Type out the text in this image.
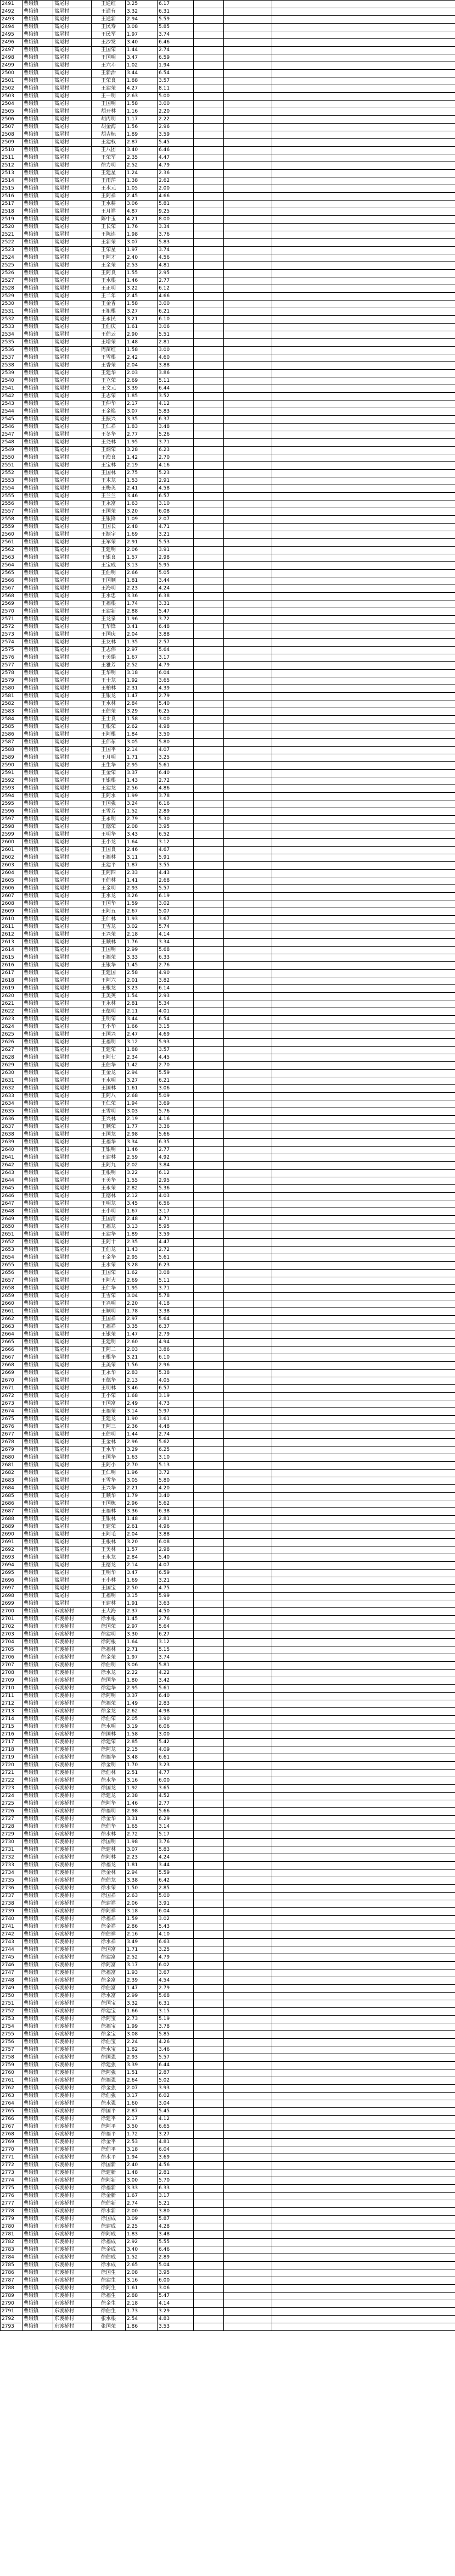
2491	曹娥镇	蒿尾村	王通红	3.25	6.17			
2492	曹娥镇	蒿尾村	王通有	3.32	6.31			
2493	曹娥镇	蒿尾村	王通新	2.94	5.59			
2494	曹娥镇	蒿尾村	王民寿	3.08	5.85			
2495	曹娥镇	蒿尾村	王民军	1.97	3.74			
2496	曹娥镇	蒿尾村	王沙发	3.40	6.46			
2497	曹娥镇	蒿尾村	王国荣	1.44	2.74			
2498	曹娥镇	蒿尾村	王国明	3.47	6.59			
2499	曹娥镇	蒿尾村	王六斗	1.02	1.94			
2500	曹娥镇	蒿尾村	王新治	3.44	6.54			
2501	曹娥镇	蒿尾村	王荣良	1.88	3.57			
2502	曹娥镇	蒿尾村	王建荣	4.27	8.11			
2503	曹娥镇	蒿尾村	王一明	2.63	5.00			
2504	曹娥镇	蒿尾村	王国明	1.58	3.00			
2505	曹娥镇	蒿尾村	胡开林	1.16	2.20			
2506	曹娥镇	蒿尾村	胡丙明	1.17	2.22			
2507	曹娥镇	蒿尾村	胡金海	1.56	2.96			
2508	曹娥镇	蒿尾村	胡吉标	1.89	3.59			
2509	曹娥镇	蒿尾村	王建权	2.87	5.45			
2510	曹娥镇	蒿尾村	王八团	3.40	6.46			
2511	曹娥镇	蒿尾村	王荣军	2.35	4.47			
2512	曹娥镇	蒿尾村	徐力明	2.52	4.79			
2513	曹娥镇	蒿尾村	王建星	1.24	2.36			
2514	曹娥镇	蒿尾村	王雨萍	1.38	2.62			
2515	曹娥镇	蒿尾村	王水元	1.05	2.00			
2516	曹娥镇	蒿尾村	王阿祥	2.45	4.66			
2517	曹娥镇	蒿尾村	王水耕	3.06	5.81			
2518	曹娥镇	蒿尾村	王月祥	4.87	9.25			
2519	曹娥镇	蒿尾村	陈中玉	4.21	8.00			
2520	曹娥镇	蒿尾村	王长荣	1.76	3.34			
2521	曹娥镇	蒿尾村	王陈连	1.98	3.76			
2522	曹娥镇	蒿尾村	王新荣	3.07	5.83			
2523	曹娥镇	蒿尾村	王荣星	1.97	3.74			
2524	曹娥镇	蒿尾村	王阿才	2.40	4.56			
2525	曹娥镇	蒿尾村	王全荣	2.53	4.81			
2526	曹娥镇	蒿尾村	王阿良	1.55	2.95			
2527	曹娥镇	蒿尾村	王水根	1.46	2.77			
2528	曹娥镇	蒿尾村	王正明	3.22	6.12			
2529	曹娥镇	蒿尾村	王二年	2.45	4.66			
2530	曹娥镇	蒿尾村	王金香	1.58	3.00			
2531	曹娥镇	蒿尾村	王祖根	3.27	6.21			
2532	曹娥镇	蒿尾村	王永民	3.21	6.10			
2533	曹娥镇	蒿尾村	王伯庆	1.61	3.06			
2534	曹娥镇	蒿尾村	王伯云	2.90	5.51			
2535	曹娥镇	蒿尾村	王增荣	1.48	2.81			
2536	曹娥镇	蒿尾村	周苗红	1.58	3.00			
2537	曹娥镇	蒿尾村	王雪根	2.42	4.60			
2538	曹娥镇	蒿尾村	王香荣	2.04	3.88			
2539	曹娥镇	蒿尾村	王建华	2.03	3.86			
2540	曹娥镇	蒿尾村	王立荣	2.69	5.11			
2541	曹娥镇	蒿尾村	王文元	3.39	6.44			
2542	曹娥镇	蒿尾村	王志荣	1.85	3.52			
2543	曹娥镇	蒿尾村	王仲华	2.17	4.12			
2544	曹娥镇	蒿尾村	王金焕	3.07	5.83			
2545	曹娥镇	蒿尾村	王振兴	3.35	6.37			
2546	曹娥镇	蒿尾村	王仁祥	1.83	3.48			
2547	曹娥镇	蒿尾村	王冬华	2.77	5.26			
2548	曹娥镇	蒿尾村	王尧林	1.95	3.71			
2549	曹娥镇	蒿尾村	王炳荣	3.28	6.23			
2550	曹娥镇	蒿尾村	王海良	1.42	2.70			
2551	曹娥镇	蒿尾村	王宝林	2.19	4.16			
2552	曹娥镇	蒿尾村	王国林	2.75	5.23			
2553	曹娥镇	蒿尾村	王木龙	1.53	2.91			
2554	曹娥镇	蒿尾村	王梅英	2.41	4.58			
2555	曹娥镇	蒿尾村	王兰兰	3.46	6.57			
2556	曹娥镇	蒿尾村	王永富	1.63	3.10			
2557	曹娥镇	蒿尾村	王国荣	3.20	6.08			
2558	曹娥镇	蒿尾村	王银锋	1.09	2.07			
2559	曹娥镇	蒿尾村	王国长	2.48	4.71			
2560	曹娥镇	蒿尾村	王振宇	1.69	3.21			
2561	曹娥镇	蒿尾村	王军荣	2.91	5.53			
2562	曹娥镇	蒿尾村	王建明	2.06	3.91			
2563	曹娥镇	蒿尾村	王银良	1.57	2.98			
2564	曹娥镇	蒿尾村	王宝成	3.13	5.95			
2565	曹娥镇	蒿尾村	王伯明	2.66	5.05			
2566	曹娥镇	蒿尾村	王国顺	1.81	3.44			
2567	曹娥镇	蒿尾村	王海明	2.23	4.24			
2568	曹娥镇	蒿尾村	王水忠	3.36	6.38			
2569	曹娥镇	蒿尾村	王福根	1.74	3.31			
2570	曹娥镇	蒿尾村	王建新	2.88	5.47			
2571	曹娥镇	蒿尾村	王龙泉	1.96	3.72			
2572	曹娥镇	蒿尾村	王华锋	3.41	6.48			
2573	曹娥镇	蒿尾村	王国庆	2.04	3.88			
2574	曹娥镇	蒿尾村	王友林	1.35	2.57			
2575	曹娥镇	蒿尾村	王志伟	2.97	5.64			
2576	曹娥镇	蒿尾村	王美娟	1.67	3.17			
2577	曹娥镇	蒿尾村	王雅芳	2.52	4.79			
2578	曹娥镇	蒿尾村	王华明	3.18	6.04			
2579	曹娥镇	蒿尾村	王士龙	1.92	3.65			
2580	曹娥镇	蒿尾村	王柏林	2.31	4.39			
2581	曹娥镇	蒿尾村	王银龙	1.47	2.79			
2582	曹娥镇	蒿尾村	王水林	2.84	5.40			
2583	曹娥镇	蒿尾村	王伯荣	3.29	6.25			
2584	曹娥镇	蒿尾村	王士良	1.58	3.00			
2585	曹娥镇	蒿尾村	王根荣	2.62	4.98			
2586	曹娥镇	蒿尾村	王阿根	1.84	3.50			
2587	曹娥镇	蒿尾村	王伟东	3.05	5.80			
2588	曹娥镇	蒿尾村	王国平	2.14	4.07			
2589	曹娥镇	蒿尾村	王月明	1.71	3.25			
2590	曹娥镇	蒿尾村	王生华	2.95	5.61			
2591	曹娥镇	蒿尾村	王金荣	3.37	6.40			
2592	曹娥镇	蒿尾村	王银根	1.43	2.72			
2593	曹娥镇	蒿尾村	王建龙	2.56	4.86			
2594	曹娥镇	蒿尾村	王阿水	1.99	3.78			
2595	曹娥镇	蒿尾村	王国强	3.24	6.16			
2596	曹娥镇	蒿尾村	王雪芳	1.52	2.89			
2597	曹娥镇	蒿尾村	王永明	2.79	5.30			
2598	曹娥镇	蒿尾村	王德荣	2.08	3.95			
2599	曹娥镇	蒿尾村	王明华	3.43	6.52			
2600	曹娥镇	蒿尾村	王小龙	1.64	3.12			
2601	曹娥镇	蒿尾村	王国良	2.46	4.67			
2602	曹娥镇	蒿尾村	王福林	3.11	5.91			
2603	曹娥镇	蒿尾村	王建平	1.87	3.55			
2604	曹娥镇	蒿尾村	王阿四	2.33	4.43			
2605	曹娥镇	蒿尾村	王伯林	1.41	2.68			
2606	曹娥镇	蒿尾村	王金明	2.93	5.57			
2607	曹娥镇	蒿尾村	王水龙	3.26	6.19			
2608	曹娥镇	蒿尾村	王国华	1.59	3.02			
2609	曹娥镇	蒿尾村	王阿五	2.67	5.07			
2610	曹娥镇	蒿尾村	王仁林	1.93	3.67			
2611	曹娥镇	蒿尾村	王雪龙	3.02	5.74			
2612	曹娥镇	蒿尾村	王兴荣	2.18	4.14			
2613	曹娥镇	蒿尾村	王顺林	1.76	3.34			
2614	曹娥镇	蒿尾村	王国明	2.99	5.68			
2615	曹娥镇	蒿尾村	王福荣	3.33	6.33			
2616	曹娥镇	蒿尾村	王银华	1.45	2.76			
2617	曹娥镇	蒿尾村	王建国	2.58	4.90			
2618	曹娥镇	蒿尾村	王阿六	2.01	3.82			
2619	曹娥镇	蒿尾村	王根龙	3.23	6.14			
2620	曹娥镇	蒿尾村	王美英	1.54	2.93			
2621	曹娥镇	蒿尾村	王永林	2.81	5.34			
2622	曹娥镇	蒿尾村	王德明	2.11	4.01			
2623	曹娥镇	蒿尾村	王明荣	3.44	6.54			
2624	曹娥镇	蒿尾村	王小华	1.66	3.15			
2625	曹娥镇	蒿尾村	王国兴	2.47	4.69			
2626	曹娥镇	蒿尾村	王福明	3.12	5.93			
2627	曹娥镇	蒿尾村	王建荣	1.88	3.57			
2628	曹娥镇	蒿尾村	王阿七	2.34	4.45			
2629	曹娥镇	蒿尾村	王伯华	1.42	2.70			
2630	曹娥镇	蒿尾村	王金龙	2.94	5.59			
2631	曹娥镇	蒿尾村	王水明	3.27	6.21			
2632	曹娥镇	蒿尾村	王国林	1.61	3.06			
2633	曹娥镇	蒿尾村	王阿八	2.68	5.09			
2634	曹娥镇	蒿尾村	王仁荣	1.94	3.69			
2635	曹娥镇	蒿尾村	王雪明	3.03	5.76			
2636	曹娥镇	蒿尾村	王兴林	2.19	4.16			
2637	曹娥镇	蒿尾村	王顺荣	1.77	3.36			
2638	曹娥镇	蒿尾村	王国龙	2.98	5.66			
2639	曹娥镇	蒿尾村	王福华	3.34	6.35			
2640	曹娥镇	蒿尾村	王银明	1.46	2.77			
2641	曹娥镇	蒿尾村	王建林	2.59	4.92			
2642	曹娥镇	蒿尾村	王阿九	2.02	3.84			
2643	曹娥镇	蒿尾村	王根明	3.22	6.12			
2644	曹娥镇	蒿尾村	王美华	1.55	2.95			
2645	曹娥镇	蒿尾村	王永荣	2.82	5.36			
2646	曹娥镇	蒿尾村	王德林	2.12	4.03			
2647	曹娥镇	蒿尾村	王明龙	3.45	6.56			
2648	曹娥镇	蒿尾村	王小明	1.67	3.17			
2649	曹娥镇	蒿尾村	王国清	2.48	4.71			
2650	曹娥镇	蒿尾村	王福龙	3.13	5.95			
2651	曹娥镇	蒿尾村	王建华	1.89	3.59			
2652	曹娥镇	蒿尾村	王阿十	2.35	4.47			
2653	曹娥镇	蒿尾村	王伯龙	1.43	2.72			
2654	曹娥镇	蒿尾村	王金华	2.95	5.61			
2655	曹娥镇	蒿尾村	王水荣	3.28	6.23			
2656	曹娥镇	蒿尾村	王国荣	1.62	3.08			
2657	曹娥镇	蒿尾村	王阿大	2.69	5.11			
2658	曹娥镇	蒿尾村	王仁华	1.95	3.71			
2659	曹娥镇	蒿尾村	王雪荣	3.04	5.78			
2660	曹娥镇	蒿尾村	王兴明	2.20	4.18			
2661	曹娥镇	蒿尾村	王顺明	1.78	3.38			
2662	曹娥镇	蒿尾村	王国祥	2.97	5.64			
2663	曹娥镇	蒿尾村	王福祥	3.35	6.37			
2664	曹娥镇	蒿尾村	王银荣	1.47	2.79			
2665	曹娥镇	蒿尾村	王建明	2.60	4.94			
2666	曹娥镇	蒿尾村	王阿二	2.03	3.86			
2667	曹娥镇	蒿尾村	王根华	3.21	6.10			
2668	曹娥镇	蒿尾村	王美荣	1.56	2.96			
2669	曹娥镇	蒿尾村	王永华	2.83	5.38			
2670	曹娥镇	蒿尾村	王德华	2.13	4.05			
2671	曹娥镇	蒿尾村	王明林	3.46	6.57			
2672	曹娥镇	蒿尾村	王小荣	1.68	3.19			
2673	曹娥镇	蒿尾村	王国富	2.49	4.73			
2674	曹娥镇	蒿尾村	王福荣	3.14	5.97			
2675	曹娥镇	蒿尾村	王建龙	1.90	3.61			
2676	曹娥镇	蒿尾村	王阿三	2.36	4.48			
2677	曹娥镇	蒿尾村	王伯明	1.44	2.74			
2678	曹娥镇	蒿尾村	王金林	2.96	5.62			
2679	曹娥镇	蒿尾村	王水华	3.29	6.25			
2680	曹娥镇	蒿尾村	王国华	1.63	3.10			
2681	曹娥镇	蒿尾村	王阿小	2.70	5.13			
2682	曹娥镇	蒿尾村	王仁明	1.96	3.72			
2683	曹娥镇	蒿尾村	王雪华	3.05	5.80			
2684	曹娥镇	蒿尾村	王兴华	2.21	4.20			
2685	曹娥镇	蒿尾村	王顺华	1.79	3.40			
2686	曹娥镇	蒿尾村	王国栋	2.96	5.62			
2687	曹娥镇	蒿尾村	王福林	3.36	6.38			
2688	曹娥镇	蒿尾村	王银林	1.48	2.81			
2689	曹娥镇	蒿尾村	王建荣	2.61	4.96			
2690	曹娥镇	蒿尾村	王阿毛	2.04	3.88			
2691	曹娥镇	蒿尾村	王根林	3.20	6.08			
2692	曹娥镇	蒿尾村	王美林	1.57	2.98			
2693	曹娥镇	蒿尾村	王永龙	2.84	5.40			
2694	曹娥镇	蒿尾村	王德龙	2.14	4.07			
2695	曹娥镇	蒿尾村	王明华	3.47	6.59			
2696	曹娥镇	蒿尾村	王小林	1.69	3.21			
2697	曹娥镇	蒿尾村	王国宝	2.50	4.75			
2698	曹娥镇	蒿尾村	王福明	3.15	5.99			
2699	曹娥镇	蒿尾村	王建林	1.91	3.63			
2700	曹娥镇	东渡桥村	王大海	2.37	4.50			
2701	曹娥镇	东渡桥村	徐水根	1.45	2.76			
2702	曹娥镇	东渡桥村	徐国荣	2.97	5.64			
2703	曹娥镇	东渡桥村	徐建明	3.30	6.27			
2704	曹娥镇	东渡桥村	徐阿根	1.64	3.12			
2705	曹娥镇	东渡桥村	徐福林	2.71	5.15			
2706	曹娥镇	东渡桥村	徐金荣	1.97	3.74			
2707	曹娥镇	东渡桥村	徐伯明	3.06	5.81			
2708	曹娥镇	东渡桥村	徐水龙	2.22	4.22			
2709	曹娥镇	东渡桥村	徐国华	1.80	3.42			
2710	曹娥镇	东渡桥村	徐建华	2.95	5.61			
2711	曹娥镇	东渡桥村	徐阿明	3.37	6.40			
2712	曹娥镇	东渡桥村	徐福荣	1.49	2.83			
2713	曹娥镇	东渡桥村	徐金龙	2.62	4.98			
2714	曹娥镇	东渡桥村	徐伯荣	2.05	3.90			
2715	曹娥镇	东渡桥村	徐水明	3.19	6.06			
2716	曹娥镇	东渡桥村	徐国林	1.58	3.00			
2717	曹娥镇	东渡桥村	徐建荣	2.85	5.42			
2718	曹娥镇	东渡桥村	徐阿龙	2.15	4.09			
2719	曹娥镇	东渡桥村	徐福华	3.48	6.61			
2720	曹娥镇	东渡桥村	徐金明	1.70	3.23			
2721	曹娥镇	东渡桥村	徐伯林	2.51	4.77			
2722	曹娥镇	东渡桥村	徐水华	3.16	6.00			
2723	曹娥镇	东渡桥村	徐国龙	1.92	3.65			
2724	曹娥镇	东渡桥村	徐建龙	2.38	4.52			
2725	曹娥镇	东渡桥村	徐阿华	1.46	2.77			
2726	曹娥镇	东渡桥村	徐福明	2.98	5.66			
2727	曹娥镇	东渡桥村	徐金华	3.31	6.29			
2728	曹娥镇	东渡桥村	徐伯华	1.65	3.14			
2729	曹娥镇	东渡桥村	徐水林	2.72	5.17			
2730	曹娥镇	东渡桥村	徐国明	1.98	3.76			
2731	曹娥镇	东渡桥村	徐建林	3.07	5.83			
2732	曹娥镇	东渡桥村	徐阿林	2.23	4.24			
2733	曹娥镇	东渡桥村	徐福龙	1.81	3.44			
2734	曹娥镇	东渡桥村	徐金林	2.94	5.59			
2735	曹娥镇	东渡桥村	徐伯龙	3.38	6.42			
2736	曹娥镇	东渡桥村	徐水荣	1.50	2.85			
2737	曹娥镇	东渡桥村	徐国祥	2.63	5.00			
2738	曹娥镇	东渡桥村	徐建祥	2.06	3.91			
2739	曹娥镇	东渡桥村	徐阿祥	3.18	6.04			
2740	曹娥镇	东渡桥村	徐福祥	1.59	3.02			
2741	曹娥镇	东渡桥村	徐金祥	2.86	5.43			
2742	曹娥镇	东渡桥村	徐伯祥	2.16	4.10			
2743	曹娥镇	东渡桥村	徐水祥	3.49	6.63			
2744	曹娥镇	东渡桥村	徐国富	1.71	3.25			
2745	曹娥镇	东渡桥村	徐建富	2.52	4.79			
2746	曹娥镇	东渡桥村	徐阿富	3.17	6.02			
2747	曹娥镇	东渡桥村	徐福富	1.93	3.67			
2748	曹娥镇	东渡桥村	徐金富	2.39	4.54			
2749	曹娥镇	东渡桥村	徐伯富	1.47	2.79			
2750	曹娥镇	东渡桥村	徐水富	2.99	5.68			
2751	曹娥镇	东渡桥村	徐国宝	3.32	6.31			
2752	曹娥镇	东渡桥村	徐建宝	1.66	3.15			
2753	曹娥镇	东渡桥村	徐阿宝	2.73	5.19			
2754	曹娥镇	东渡桥村	徐福宝	1.99	3.78			
2755	曹娥镇	东渡桥村	徐金宝	3.08	5.85			
2756	曹娥镇	东渡桥村	徐伯宝	2.24	4.26			
2757	曹娥镇	东渡桥村	徐水宝	1.82	3.46			
2758	曹娥镇	东渡桥村	徐国强	2.93	5.57			
2759	曹娥镇	东渡桥村	徐建强	3.39	6.44			
2760	曹娥镇	东渡桥村	徐阿强	1.51	2.87			
2761	曹娥镇	东渡桥村	徐福强	2.64	5.02			
2762	曹娥镇	东渡桥村	徐金强	2.07	3.93			
2763	曹娥镇	东渡桥村	徐伯强	3.17	6.02			
2764	曹娥镇	东渡桥村	徐水强	1.60	3.04			
2765	曹娥镇	东渡桥村	徐国平	2.87	5.45			
2766	曹娥镇	东渡桥村	徐建平	2.17	4.12			
2767	曹娥镇	东渡桥村	徐阿平	3.50	6.65			
2768	曹娥镇	东渡桥村	徐福平	1.72	3.27			
2769	曹娥镇	东渡桥村	徐金平	2.53	4.81			
2770	曹娥镇	东渡桥村	徐伯平	3.18	6.04			
2771	曹娥镇	东渡桥村	徐水平	1.94	3.69			
2772	曹娥镇	东渡桥村	徐国新	2.40	4.56			
2773	曹娥镇	东渡桥村	徐建新	1.48	2.81			
2774	曹娥镇	东渡桥村	徐阿新	3.00	5.70			
2775	曹娥镇	东渡桥村	徐福新	3.33	6.33			
2776	曹娥镇	东渡桥村	徐金新	1.67	3.17			
2777	曹娥镇	东渡桥村	徐伯新	2.74	5.21			
2778	曹娥镇	东渡桥村	徐水新	2.00	3.80			
2779	曹娥镇	东渡桥村	徐国成	3.09	5.87			
2780	曹娥镇	东渡桥村	徐建成	2.25	4.28			
2781	曹娥镇	东渡桥村	徐阿成	1.83	3.48			
2782	曹娥镇	东渡桥村	徐福成	2.92	5.55			
2783	曹娥镇	东渡桥村	徐金成	3.40	6.46			
2784	曹娥镇	东渡桥村	徐伯成	1.52	2.89			
2785	曹娥镇	东渡桥村	徐水成	2.65	5.04			
2786	曹娥镇	东渡桥村	徐国生	2.08	3.95			
2787	曹娥镇	东渡桥村	徐建生	3.16	6.00			
2788	曹娥镇	东渡桥村	徐阿生	1.61	3.06			
2789	曹娥镇	东渡桥村	徐福生	2.88	5.47			
2790	曹娥镇	东渡桥村	徐金生	2.18	4.14			
2791	曹娥镇	东渡桥村	徐伯生	1.73	3.29			
2792	曹娥镇	东渡桥村	张水根	2.54	4.83			
2793	曹娥镇	东渡桥村	张国荣	1.86	3.53			
